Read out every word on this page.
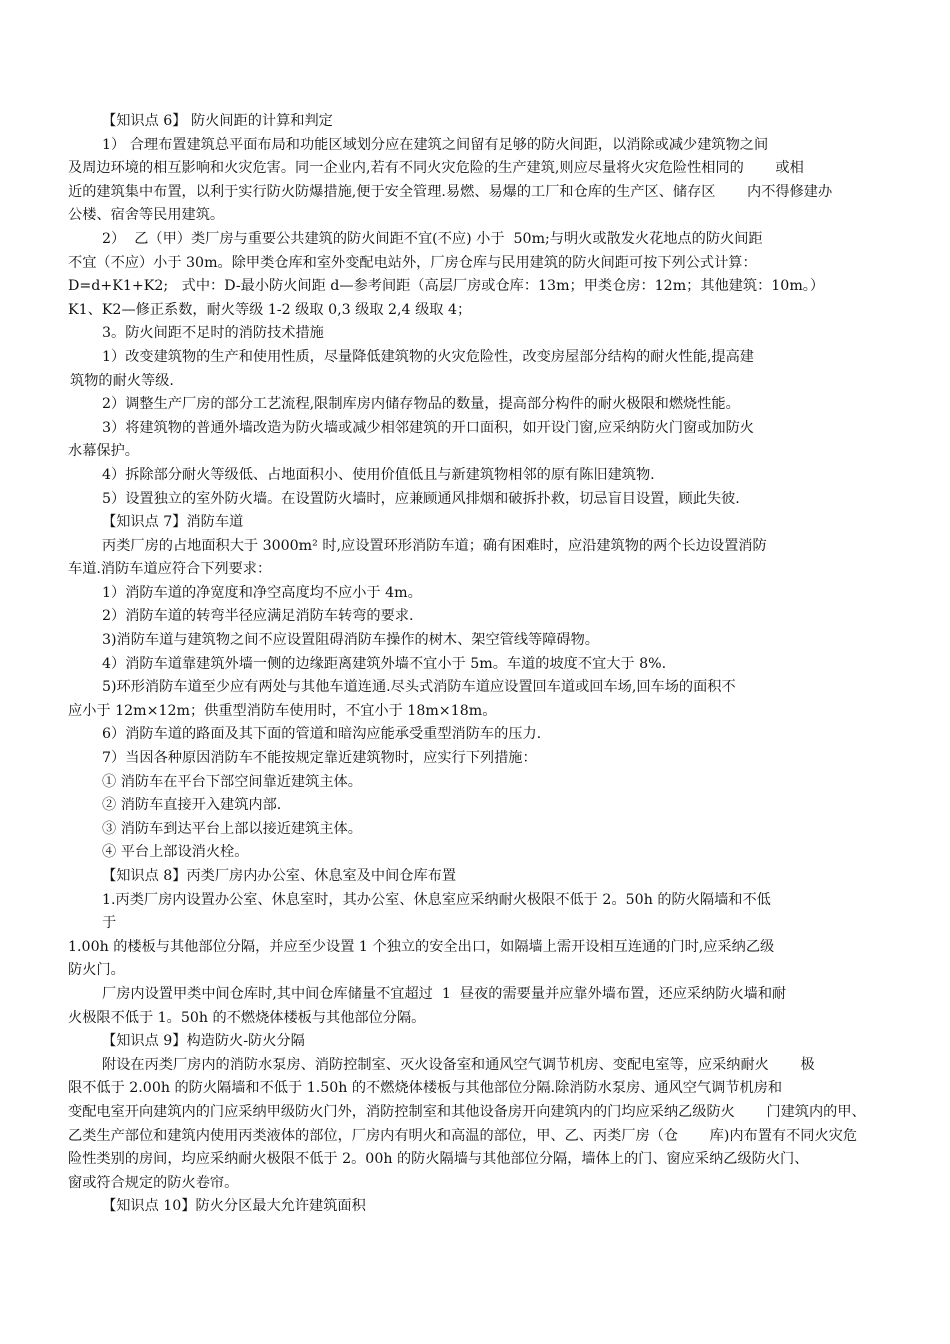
【知识点 6】 防火间距的计算和判定
1） 合理布置建筑总平面布局和功能区域划分应在建筑之间留有足够的防火间距，以消除或减少建筑物之间
及周边环境的相互影响和火灾危害。同一企业内,若有不同火灾危险的生产建筑,则应尽量将火灾危险性相同的       或相
近的建筑集中布置，以利于实行防火防爆措施,便于安全管理.易燃、易爆的工厂和仓库的生产区、储存区       内不得修建办
公楼、宿舍等民用建筑。
2）  乙（甲）类厂房与重要公共建筑的防火间距不宜(不应) 小于  50m;与明火或散发火花地点的防火间距
不宜（不应）小于 30m。除甲类仓库和室外变配电站外，厂房仓库与民用建筑的防火间距可按下列公式计算：
D=d+K1+K2;   式中：D-最小防火间距 d—参考间距（高层厂房或仓库：13m；甲类仓房：12m；其他建筑：10m。）
K1、K2—修正系数，耐火等级 1-2 级取 0,3 级取 2,4 级取 4；
3。防火间距不足时的消防技术措施
1）改变建筑物的生产和使用性质，尽量降低建筑物的火灾危险性，改变房屋部分结构的耐火性能,提高建
筑物的耐火等级.
2）调整生产厂房的部分工艺流程,限制库房内储存物品的数量，提高部分构件的耐火极限和燃烧性能。
3）将建筑物的普通外墙改造为防火墙或减少相邻建筑的开口面积，如开设门窗,应采纳防火门窗或加防火
水幕保护。
4）拆除部分耐火等级低、占地面积小、使用价值低且与新建筑物相邻的原有陈旧建筑物.
5）设置独立的室外防火墙。在设置防火墙时，应兼顾通风排烟和破拆扑救，切忌盲目设置，顾此失彼.
【知识点 7】消防车道
丙类厂房的占地面积大于 3000m² 时,应设置环形消防车道；确有困难时，应沿建筑物的两个长边设置消防
车道.消防车道应符合下列要求：
1）消防车道的净宽度和净空高度均不应小于 4m。
2）消防车道的转弯半径应满足消防车转弯的要求.
3)消防车道与建筑物之间不应设置阻碍消防车操作的树木、架空管线等障碍物。
4）消防车道靠建筑外墙一侧的边缘距离建筑外墙不宜小于 5m。车道的坡度不宜大于 8%.
5)环形消防车道至少应有两处与其他车道连通.尽头式消防车道应设置回车道或回车场,回车场的面积不
应小于 12m×12m；供重型消防车使用时，不宜小于 18m×18m。
6）消防车道的路面及其下面的管道和暗沟应能承受重型消防车的压力.
7）当因各种原因消防车不能按规定靠近建筑物时，应实行下列措施：
① 消防车在平台下部空间靠近建筑主体。
② 消防车直接开入建筑内部.
③ 消防车到达平台上部以接近建筑主体。
④ 平台上部设消火栓。
【知识点 8】丙类厂房内办公室、休息室及中间仓库布置
1.丙类厂房内设置办公室、休息室时，其办公室、休息室应采纳耐火极限不低于 2。50h 的防火隔墙和不低
于
1.00h 的楼板与其他部位分隔，并应至少设置 1 个独立的安全出口，如隔墙上需开设相互连通的门时,应采纳乙级
防火门。
厂房内设置甲类中间仓库时,其中间仓库储量不宜超过  1  昼夜的需要量并应靠外墙布置，还应采纳防火墙和耐
火极限不低于 1。50h 的不燃烧体楼板与其他部位分隔。
【知识点 9】构造防火-防火分隔
附设在丙类厂房内的消防水泵房、消防控制室、灭火设备室和通风空气调节机房、变配电室等，应采纳耐火       极
限不低于 2.00h 的防火隔墙和不低于 1.50h 的不燃烧体楼板与其他部位分隔.除消防水泵房、通风空气调节机房和
变配电室开向建筑内的门应采纳甲级防火门外，消防控制室和其他设备房开向建筑内的门均应采纳乙级防火       门建筑内的甲、
乙类生产部位和建筑内使用丙类液体的部位，厂房内有明火和高温的部位，甲、乙、丙类厂房（仓       库)内布置有不同火灾危
险性类别的房间，均应采纳耐火极限不低于 2。00h 的防火隔墙与其他部位分隔，墙体上的门、窗应采纳乙级防火门、
窗或符合规定的防火卷帘。
【知识点 10】防火分区最大允许建筑面积
